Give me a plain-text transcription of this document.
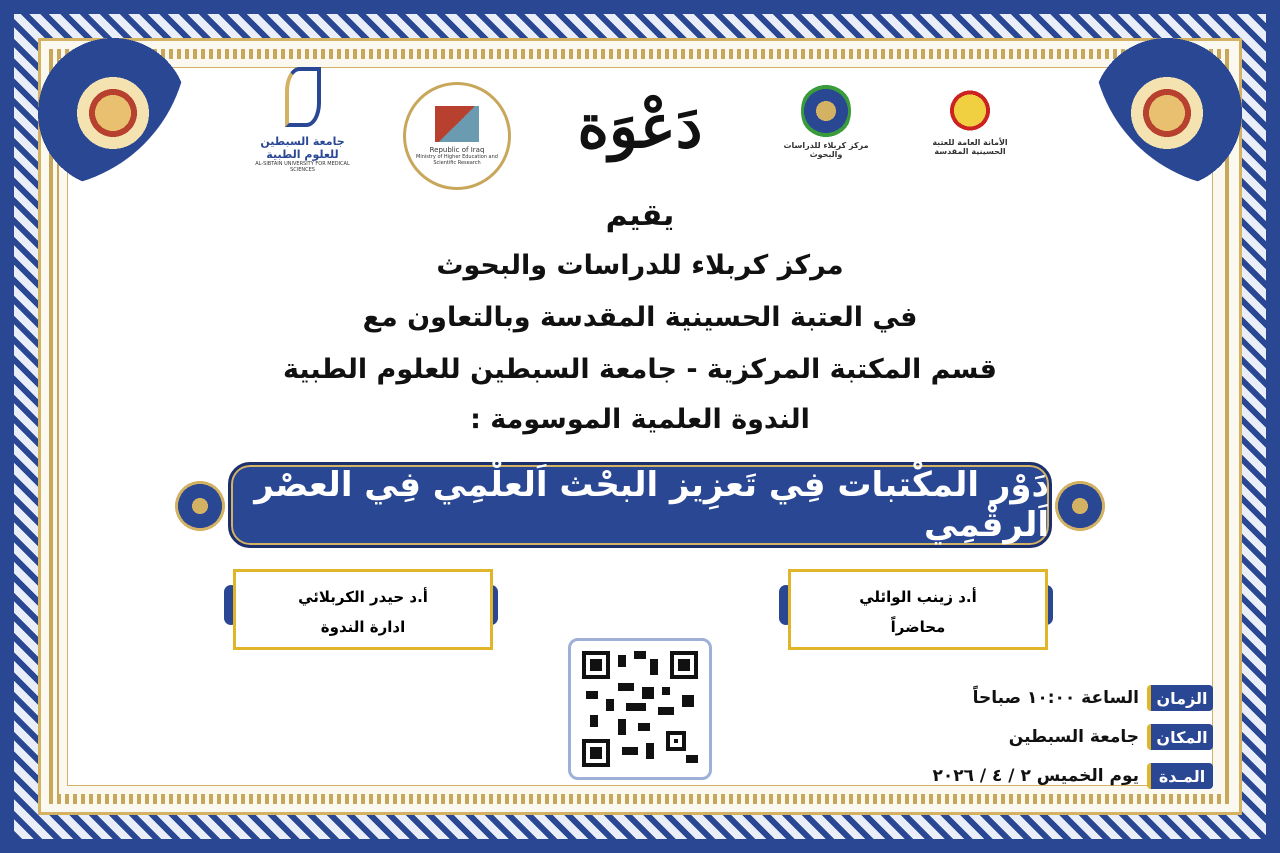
جامعة السبطين للعلوم الطبية
AL-SIBTAIN UNIVERSITY FOR MEDICAL SCIENCES
Republic of Iraq
Ministry of Higher Education and Scientific Research
دَعْوَة	مركز كربلاء للدراسات والبحوث
الأمانة العامة للعتبة الحسينية المقدسة
يقيم
مركز كربلاء للدراسات والبحوث
في العتبة الحسينية المقدسة وبالتعاون مع
قسم المكتبة المركزية - جامعة السبطين للعلوم الطبية
الندوة العلمية الموسومة :
دَوْر المكْتبات فِي تَعزِيز البحْث اَلعلْمِي فِي العصْر اَلرقْمِي
أ.د حيدر الكربلائي
ادارة الندوة
أ.د زينب الوائلي
محاضراً
الزمان
الساعة ١٠:٠٠ صباحاً
المكان
جامعة السبطين
المـدة
يوم الخميس ٢ / ٤ / ٢٠٢٦
